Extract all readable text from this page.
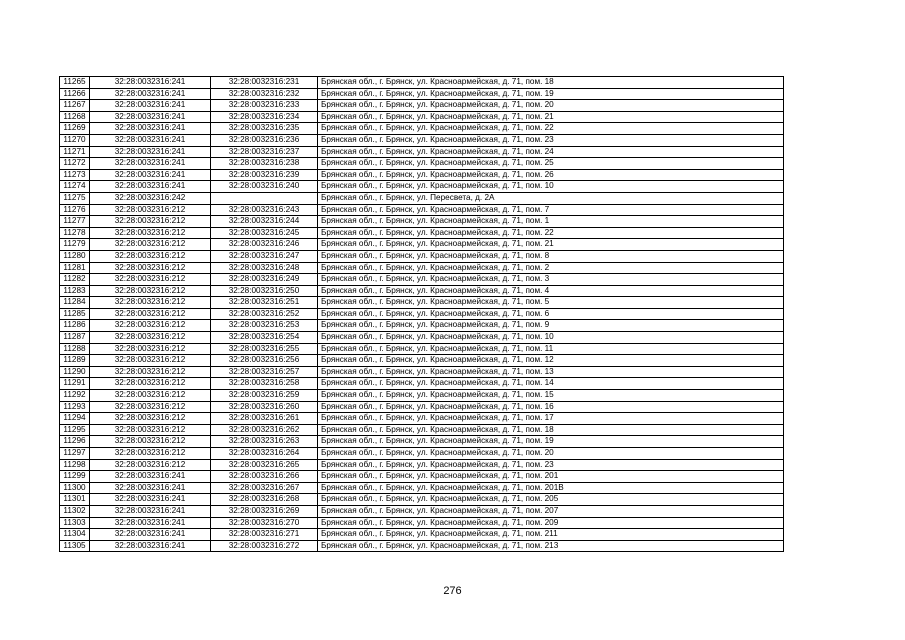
11265	32:28:0032316:241	32:28:0032316:231	Брянская обл., г. Брянск, ул. Красноармейская, д. 71, пом. 18
11266	32:28:0032316:241	32:28:0032316:232	Брянская обл., г. Брянск, ул. Красноармейская, д. 71, пом. 19
11267	32:28:0032316:241	32:28:0032316:233	Брянская обл., г. Брянск, ул. Красноармейская, д. 71, пом. 20
11268	32:28:0032316:241	32:28:0032316:234	Брянская обл., г. Брянск, ул. Красноармейская, д. 71, пом. 21
11269	32:28:0032316:241	32:28:0032316:235	Брянская обл., г. Брянск, ул. Красноармейская, д. 71, пом. 22
11270	32:28:0032316:241	32:28:0032316:236	Брянская обл., г. Брянск, ул. Красноармейская, д. 71, пом. 23
11271	32:28:0032316:241	32:28:0032316:237	Брянская обл., г. Брянск, ул. Красноармейская, д. 71, пом. 24
11272	32:28:0032316:241	32:28:0032316:238	Брянская обл., г. Брянск, ул. Красноармейская, д. 71, пом. 25
11273	32:28:0032316:241	32:28:0032316:239	Брянская обл., г. Брянск, ул. Красноармейская, д. 71, пом. 26
11274	32:28:0032316:241	32:28:0032316:240	Брянская обл., г. Брянск, ул. Красноармейская, д. 71, пом. 10
11275	32:28:0032316:242		Брянская обл., г. Брянск, ул. Пересвета, д. 2А
11276	32:28:0032316:212	32:28:0032316:243	Брянская обл., г. Брянск, ул. Красноармейская, д. 71, пом. 7
11277	32:28:0032316:212	32:28:0032316:244	Брянская обл., г. Брянск, ул. Красноармейская, д. 71, пом. 1
11278	32:28:0032316:212	32:28:0032316:245	Брянская обл., г. Брянск, ул. Красноармейская, д. 71, пом. 22
11279	32:28:0032316:212	32:28:0032316:246	Брянская обл., г. Брянск, ул. Красноармейская, д. 71, пом. 21
11280	32:28:0032316:212	32:28:0032316:247	Брянская обл., г. Брянск, ул. Красноармейская, д. 71, пом. 8
11281	32:28:0032316:212	32:28:0032316:248	Брянская обл., г. Брянск, ул. Красноармейская, д. 71, пом. 2
11282	32:28:0032316:212	32:28:0032316:249	Брянская обл., г. Брянск, ул. Красноармейская, д. 71, пом. 3
11283	32:28:0032316:212	32:28:0032316:250	Брянская обл., г. Брянск, ул. Красноармейская, д. 71, пом. 4
11284	32:28:0032316:212	32:28:0032316:251	Брянская обл., г. Брянск, ул. Красноармейская, д. 71, пом. 5
11285	32:28:0032316:212	32:28:0032316:252	Брянская обл., г. Брянск, ул. Красноармейская, д. 71, пом. 6
11286	32:28:0032316:212	32:28:0032316:253	Брянская обл., г. Брянск, ул. Красноармейская, д. 71, пом. 9
11287	32:28:0032316:212	32:28:0032316:254	Брянская обл., г. Брянск, ул. Красноармейская, д. 71, пом. 10
11288	32:28:0032316:212	32:28:0032316:255	Брянская обл., г. Брянск, ул. Красноармейская, д. 71, пом. 11
11289	32:28:0032316:212	32:28:0032316:256	Брянская обл., г. Брянск, ул. Красноармейская, д. 71, пом. 12
11290	32:28:0032316:212	32:28:0032316:257	Брянская обл., г. Брянск, ул. Красноармейская, д. 71, пом. 13
11291	32:28:0032316:212	32:28:0032316:258	Брянская обл., г. Брянск, ул. Красноармейская, д. 71, пом. 14
11292	32:28:0032316:212	32:28:0032316:259	Брянская обл., г. Брянск, ул. Красноармейская, д. 71, пом. 15
11293	32:28:0032316:212	32:28:0032316:260	Брянская обл., г. Брянск, ул. Красноармейская, д. 71, пом. 16
11294	32:28:0032316:212	32:28:0032316:261	Брянская обл., г. Брянск, ул. Красноармейская, д. 71, пом. 17
11295	32:28:0032316:212	32:28:0032316:262	Брянская обл., г. Брянск, ул. Красноармейская, д. 71, пом. 18
11296	32:28:0032316:212	32:28:0032316:263	Брянская обл., г. Брянск, ул. Красноармейская, д. 71, пом. 19
11297	32:28:0032316:212	32:28:0032316:264	Брянская обл., г. Брянск, ул. Красноармейская, д. 71, пом. 20
11298	32:28:0032316:212	32:28:0032316:265	Брянская обл., г. Брянск, ул. Красноармейская, д. 71, пом. 23
11299	32:28:0032316:241	32:28:0032316:266	Брянская обл., г. Брянск, ул. Красноармейская, д. 71, пом. 201
11300	32:28:0032316:241	32:28:0032316:267	Брянская обл., г. Брянск, ул. Красноармейская, д. 71, пом. 201В
11301	32:28:0032316:241	32:28:0032316:268	Брянская обл., г. Брянск, ул. Красноармейская, д. 71, пом. 205
11302	32:28:0032316:241	32:28:0032316:269	Брянская обл., г. Брянск, ул. Красноармейская, д. 71, пом. 207
11303	32:28:0032316:241	32:28:0032316:270	Брянская обл., г. Брянск, ул. Красноармейская, д. 71, пом. 209
11304	32:28:0032316:241	32:28:0032316:271	Брянская обл., г. Брянск, ул. Красноармейская, д. 71, пом. 211
11305	32:28:0032316:241	32:28:0032316:272	Брянская обл., г. Брянск, ул. Красноармейская, д. 71, пом. 213
276
